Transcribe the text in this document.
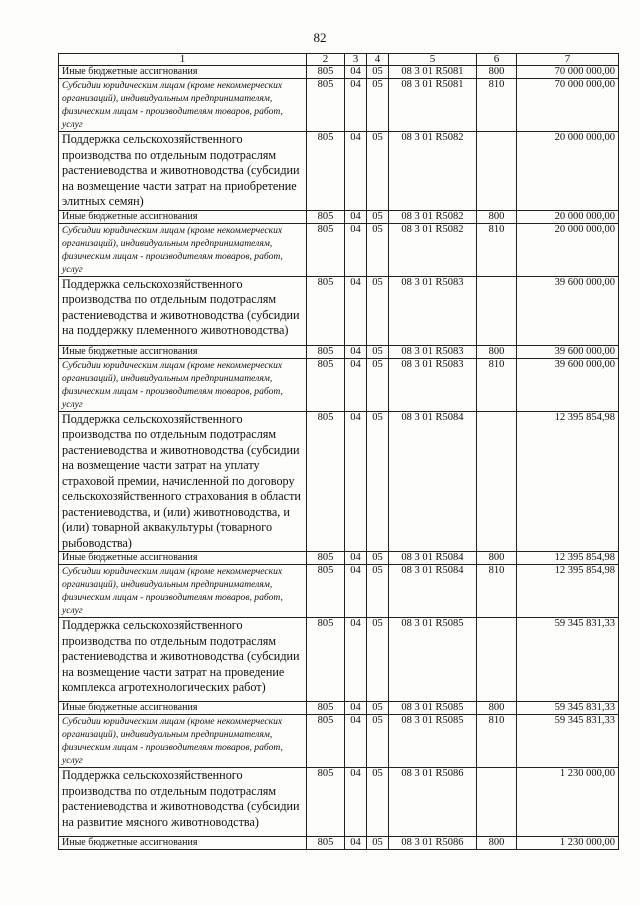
82
1	2	3	4	5	6	7
Иные бюджетные ассигнования	805	04	05	08 3 01 R5081	800	70 000 000,00
Субсидии юридическим лицам (кроме некоммерческих организаций), индивидуальным предпринимателям, физическим лицам - производителям товаров, работ, услуг	805	04	05	08 3 01 R5081	810	70 000 000,00
Поддержка сельскохозяйственного производства по отдельным подотраслям растениеводства и животноводства (субсидии на возмещение части затрат на приобретение элитных семян)	805	04	05	08 3 01 R5082		20 000 000,00
Иные бюджетные ассигнования	805	04	05	08 3 01 R5082	800	20 000 000,00
Субсидии юридическим лицам (кроме некоммерческих организаций), индивидуальным предпринимателям, физическим лицам - производителям товаров, работ, услуг	805	04	05	08 3 01 R5082	810	20 000 000,00
Поддержка сельскохозяйственного производства по отдельным подотраслям растениеводства и животноводства (субсидии на поддержку племенного животноводства)	805	04	05	08 3 01 R5083		39 600 000,00
Иные бюджетные ассигнования	805	04	05	08 3 01 R5083	800	39 600 000,00
Субсидии юридическим лицам (кроме некоммерческих организаций), индивидуальным предпринимателям, физическим лицам - производителям товаров, работ, услуг	805	04	05	08 3 01 R5083	810	39 600 000,00
Поддержка сельскохозяйственного производства по отдельным подотраслям растениеводства и животноводства (субсидии на возмещение части затрат на уплату страховой премии, начисленной по договору сельскохозяйственного страхования в области растениеводства, и (или) животноводства, и (или) товарной аквакультуры (товарного рыбоводства)	805	04	05	08 3 01 R5084		12 395 854,98
Иные бюджетные ассигнования	805	04	05	08 3 01 R5084	800	12 395 854,98
Субсидии юридическим лицам (кроме некоммерческих организаций), индивидуальным предпринимателям, физическим лицам - производителям товаров, работ, услуг	805	04	05	08 3 01 R5084	810	12 395 854,98
Поддержка сельскохозяйственного производства по отдельным подотраслям растениеводства и животноводства (субсидии на возмещение части затрат на проведение комплекса агротехнологических работ)	805	04	05	08 3 01 R5085		59 345 831,33
Иные бюджетные ассигнования	805	04	05	08 3 01 R5085	800	59 345 831,33
Субсидии юридическим лицам (кроме некоммерческих организаций), индивидуальным предпринимателям, физическим лицам - производителям товаров, работ, услуг	805	04	05	08 3 01 R5085	810	59 345 831,33
Поддержка сельскохозяйственного производства по отдельным подотраслям растениеводства и животноводства (субсидии на развитие мясного животноводства)	805	04	05	08 3 01 R5086		1 230 000,00
Иные бюджетные ассигнования	805	04	05	08 3 01 R5086	800	1 230 000,00
